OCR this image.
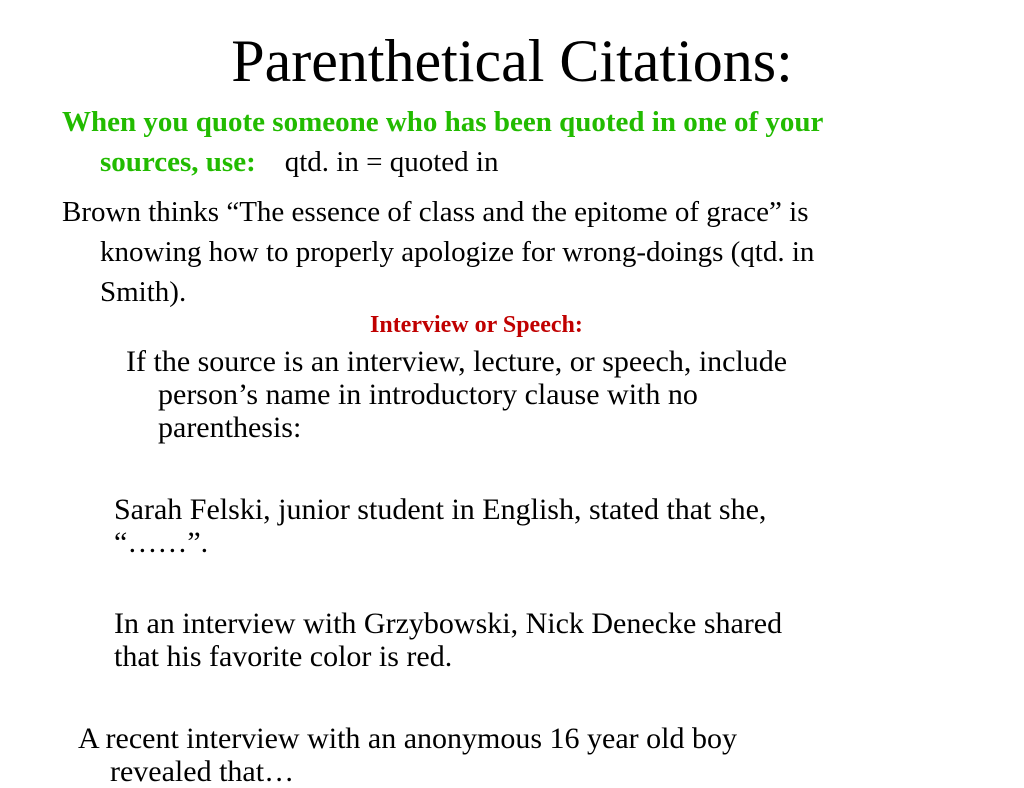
Parenthetical Citations:
When you quote someone who has been quoted in one of your
sources, use: qtd. in = quoted in
Brown thinks “The essence of class and the epitome of grace” is
knowing how to properly apologize for wrong-doings (qtd. in
Smith).
Interview or Speech:
If the source is an interview, lecture, or speech, include
person’s name in introductory clause with no
parenthesis:
Sarah Felski, junior student in English, stated that she,
“……”.
In an interview with Grzybowski, Nick Denecke shared
that his favorite color is red.
A recent interview with an anonymous 16 year old boy
revealed that…
